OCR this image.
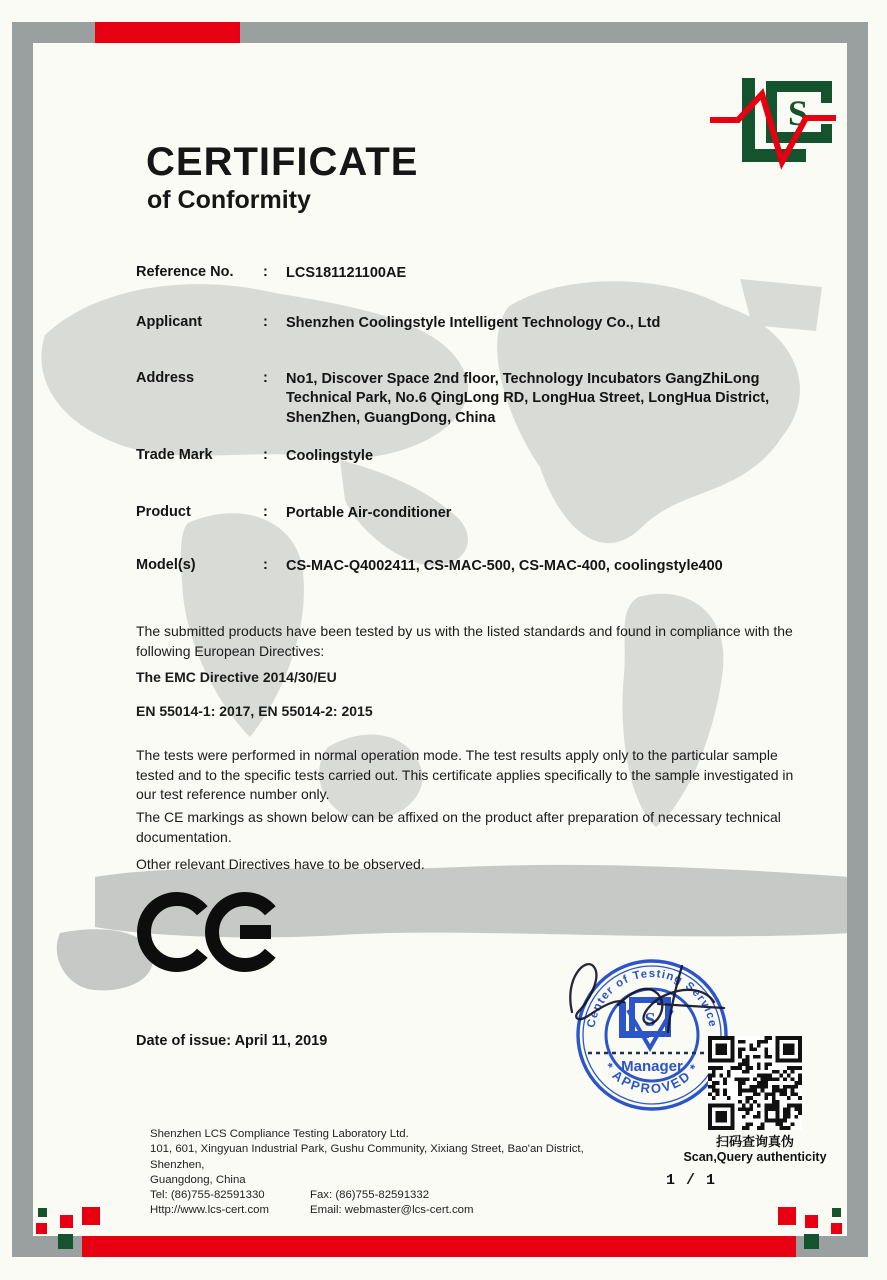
S
CERTIFICATE
of Conformity
Reference No.	:	LCS181121100AE
Applicant	:	Shenzhen Coolingstyle Intelligent Technology Co., Ltd
Address	:	No1, Discover Space 2nd floor, Technology Incubators GangZhiLong Technical Park, No.6 QingLong RD, LongHua Street, LongHua District, ShenZhen, GuangDong, China
Trade Mark	:	Coolingstyle
Product	:	Portable Air-conditioner
Model(s)	:	CS-MAC-Q4002411, CS-MAC-500, CS-MAC-400, coolingstyle400
The submitted products have been tested by us with the listed standards and found in compliance with the following European Directives:
The EMC Directive 2014/30/EU
EN 55014-1: 2017, EN 55014-2: 2015
The tests were performed in normal operation mode. The test results apply only to the particular sample tested and to the specific tests carried out. This certificate applies specifically to the sample investigated in our test reference number only.
The CE markings as shown below can be affixed on the product after preparation of necessary technical documentation.
Other relevant Directives have to be observed.
Date of issue: April 11, 2019
Center of Testing Service
* APPROVED *
S
Manager
扫码查询真伪
Scan,Query authenticity
Shenzhen LCS Compliance Testing Laboratory Ltd.
101, 601, Xingyuan Industrial Park, Gushu Community, Xixiang Street, Bao'an District, Shenzhen,
Guangdong, China
Tel: (86)755-82591330	Fax: (86)755-82591332
Http://www.lcs-cert.com	Email: webmaster@lcs-cert.com
1 / 1
